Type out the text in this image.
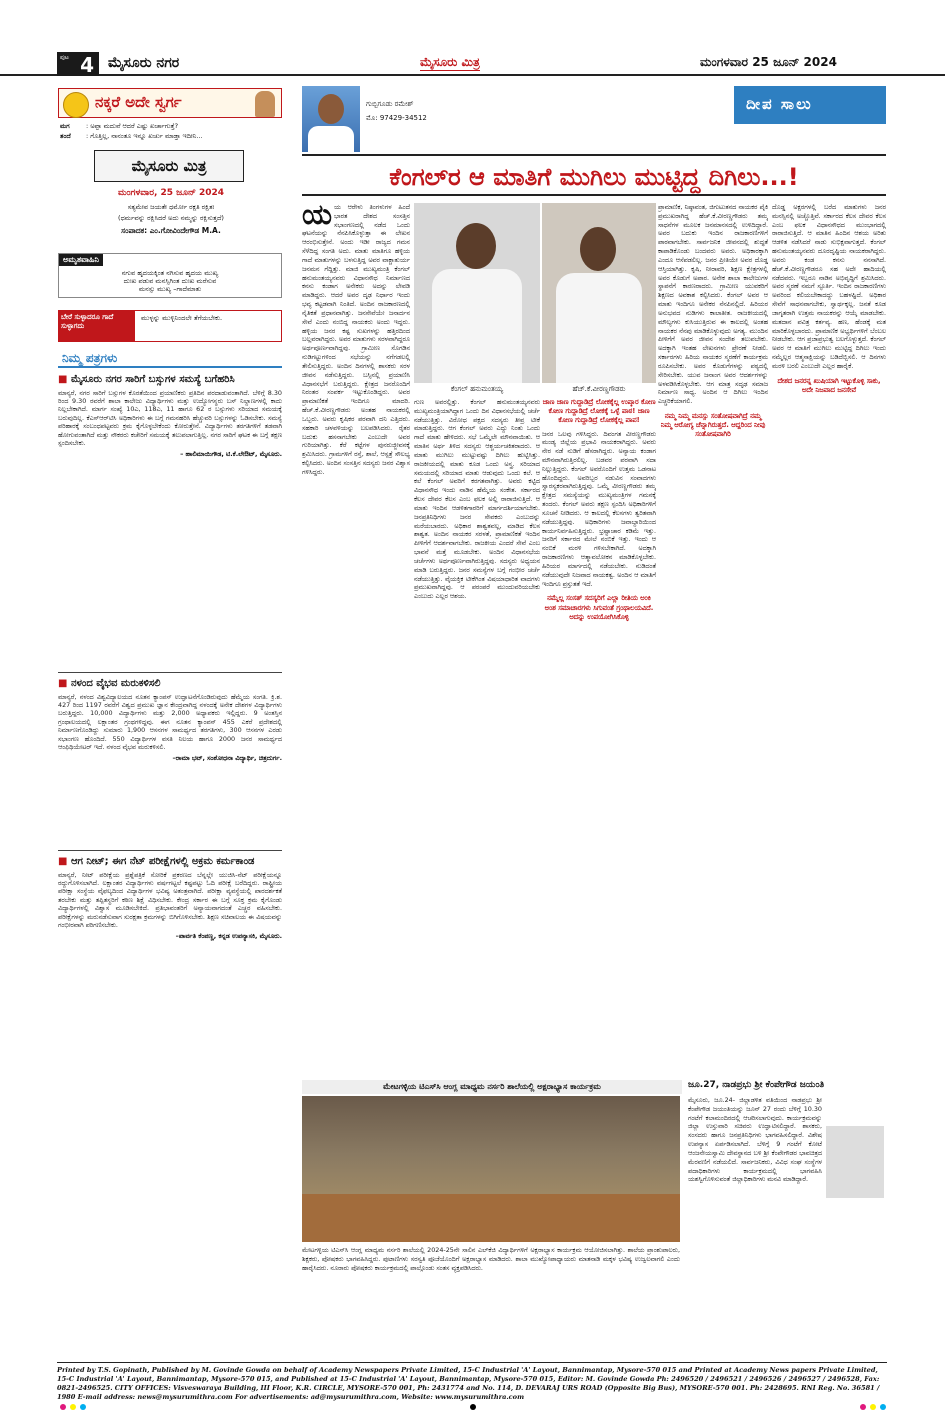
ಪುಟ 4 ಮೈಸೂರು ನಗರ	ಮೈಸೂರು ಮಿತ್ರ	ಮಂಗಳವಾರ 25 ಜೂನ್ 2024
ನಕ್ಕರೆ ಅದೇ ಸ್ವರ್ಗ
ಮಗ	: ಅಪ್ಪಾ ಮದುವೆ ಆದರೆ ಎಷ್ಟು ಖರ್ಚಾಗುತ್ತೆ?
ತಂದೆ	: ಗೊತ್ತಿಲ್ಲ, ನಾನಂತೂ ಇನ್ನೂ ಖರ್ಚು ಮಾಡ್ತಾ ಇದೀನಿ...
ಮೈಸೂರು ಮಿತ್ರ
ಮಂಗಳವಾರ, 25 ಜೂನ್ 2024
ಸತ್ಯಮೇವ ಜಯತೇ ಧರ್ಮೋ ರಕ್ಷತಿ ರಕ್ಷಿತಃ
(ಧರ್ಮವನ್ನು ರಕ್ಷಿಸಿದರೆ ಅದು ನಮ್ಮನ್ನು ರಕ್ಷಿಸುತ್ತದೆ)
ಸಂಪಾದಕ: ಎಂ.ಗೋವಿಂದೇಗೌಡ M.A.
ಅಮೃತವಾಹಿನಿ
ನಗುವ ಹೃದಯಕ್ಕಿಂತ ನಗಿಸುವ ಹೃದಯ ಮುಖ್ಯ
ದುಃಖ ಪಡುವ ಮನಸ್ಸಿಗಿಂತ ದುಃಖ ಮರೆಸುವ
ಮನಸ್ಸು ಮುಖ್ಯ –ಗಾದೆಮಾತು
ಬೇರೆ ಸುಳ್ಳಾದರೂ ಗಾದೆ ಸುಳ್ಳಾಗದು
ಮುಳ್ಳನ್ನು ಮುಳ್ಳಿನಿಂದಲೇ ತೆಗೆಯಬೇಕು.
ನಿಮ್ಮ ಪತ್ರಗಳು
■ ಮೈಸೂರು ನಗರ ಸಾರಿಗೆ ಬಸ್ಸುಗಳ ಸಮಸ್ಯೆ ಬಗೆಹರಿಸಿ
ಮಾನ್ಯರೆ, ನಗರ ಸಾರಿಗೆ ಬಸ್ಸುಗಳ ಕೊರತೆಯಿಂದ ಪ್ರಯಾಣಿಕರು ಪ್ರತಿದಿನ ಪರದಾಡುವಂತಾಗಿದೆ. ಬೆಳಿಗ್ಗೆ 8.30 ರಿಂದ 9.30 ರವರೆಗೆ ಶಾಲಾ ಕಾಲೇಜು ವಿದ್ಯಾರ್ಥಿಗಳು ಮತ್ತು ಉದ್ಯೋಗಸ್ಥರು ಬಸ್ ನಿಲ್ದಾಣಗಳಲ್ಲಿ ಕಾದು ನಿಲ್ಲಬೇಕಾಗಿದೆ. ಮಾರ್ಗ ಸಂಖ್ಯೆ 10ಎ, 118ಎ, 11 ಹಾಗೂ 62 ರ ಬಸ್ಸುಗಳು ಸರಿಯಾದ ಸಮಯಕ್ಕೆ ಬರುವುದಿಲ್ಲ. ಕೆಎಸ್ಆರ್‌ಟಿಸಿ ಅಧಿಕಾರಿಗಳು ಈ ಬಗ್ಗೆ ಗಮನಹರಿಸಿ ಹೆಚ್ಚುವರಿ ಬಸ್ಸುಗಳನ್ನು ಓಡಿಸಬೇಕು. ಸಮಸ್ಯೆ ಪರಿಹಾರಕ್ಕೆ ಸಂಬಂಧಪಟ್ಟವರು ಕ್ರಮ ಕೈಗೊಳ್ಳಬೇಕೆಂದು ಕೋರುತ್ತೇನೆ. ವಿದ್ಯಾರ್ಥಿಗಳು ತರಗತಿಗಳಿಗೆ ತಡವಾಗಿ ಹೋಗುವಂತಾಗಿದೆ ಮತ್ತು ನೌಕರರು ಕಚೇರಿಗೆ ಸಮಯಕ್ಕೆ ತಲುಪಲಾಗುತ್ತಿಲ್ಲ. ನಗರ ಸಾರಿಗೆ ಘಟಕ ಈ ಬಗ್ಗೆ ತಕ್ಷಣ ಸ್ಪಂದಿಸಬೇಕು.
– ಹಾಲಿಮಾಯಿಗೌಡ, ಟಿ.ಕೆ.ಲೇಔಟ್, ಮೈಸೂರು.
■ ನಳಂದ ವೈಭವ ಮರುಕಳಿಸಲಿ
ಮಾನ್ಯರೆ, ನಳಂದ ವಿಶ್ವವಿದ್ಯಾಲಯದ ನೂತನ ಕ್ಯಾಂಪಸ್ ಉದ್ಘಾಟನೆಗೊಂಡಿರುವುದು ಹೆಮ್ಮೆಯ ಸಂಗತಿ. ಕ್ರಿ.ಶ. 427 ರಿಂದ 1197 ರವರೆಗೆ ವಿಶ್ವದ ಪ್ರಮುಖ ಜ್ಞಾನ ಕೇಂದ್ರವಾಗಿದ್ದ ನಳಂದಕ್ಕೆ ಅನೇಕ ದೇಶಗಳ ವಿದ್ಯಾರ್ಥಿಗಳು ಬರುತ್ತಿದ್ದರು. 10,000 ವಿದ್ಯಾರ್ಥಿಗಳು ಮತ್ತು 2,000 ಅಧ್ಯಾಪಕರು ಇಲ್ಲಿದ್ದರು. 9 ಅಂತಸ್ತಿನ ಗ್ರಂಥಾಲಯದಲ್ಲಿ ಲಕ್ಷಾಂತರ ಗ್ರಂಥಗಳಿದ್ದವು. ಈಗ ನೂತನ ಕ್ಯಾಂಪಸ್ 455 ಎಕರೆ ಪ್ರದೇಶದಲ್ಲಿ ನಿರ್ಮಾಣಗೊಂಡಿದ್ದು ಸುಮಾರು 1,900 ಆಸನಗಳ ಸಾಮರ್ಥ್ಯದ ತರಗತಿಗಳು, 300 ಆಸನಗಳ ಎರಡು ಸಭಾಂಗಣ ಹೊಂದಿದೆ. 550 ವಿದ್ಯಾರ್ಥಿಗಳ ವಸತಿ ನಿಲಯ ಹಾಗೂ 2000 ಜನರ ಸಾಮರ್ಥ್ಯದ ಆಂಫಿಥಿಯೇಟರ್ ಇದೆ. ನಳಂದ ವೈಭವ ಮರುಕಳಿಸಲಿ.
–ರಾಮಾ ಭಟ್, ಸಂಶೋಧನಾ ವಿದ್ಯಾರ್ಥಿ, ಚಿತ್ರದುರ್ಗ.
■ ಆಗ ನೀಟ್; ಈಗ ನೆಟ್ ಪರೀಕ್ಷೆಗಳಲ್ಲಿ ಅಕ್ರಮ ಕರ್ಮಕಾಂಡ
ಮಾನ್ಯರೆ, ನೀಟ್ ಪರೀಕ್ಷೆಯ ಪ್ರಶ್ನೆಪತ್ರಿಕೆ ಸೋರಿಕೆ ಪ್ರಕರಣದ ಬೆನ್ನಲ್ಲೇ ಯುಜಿಸಿ-ನೆಟ್ ಪರೀಕ್ಷೆಯನ್ನೂ ರದ್ದುಗೊಳಿಸಲಾಗಿದೆ. ಲಕ್ಷಾಂತರ ವಿದ್ಯಾರ್ಥಿಗಳು ವರ್ಷಗಟ್ಟಲೆ ಕಷ್ಟಪಟ್ಟು ಓದಿ ಪರೀಕ್ಷೆ ಬರೆದಿದ್ದರು. ರಾಷ್ಟ್ರೀಯ ಪರೀಕ್ಷಾ ಸಂಸ್ಥೆಯ ವೈಫಲ್ಯದಿಂದ ವಿದ್ಯಾರ್ಥಿಗಳ ಭವಿಷ್ಯ ಅತಂತ್ರವಾಗಿದೆ. ಪರೀಕ್ಷಾ ವ್ಯವಸ್ಥೆಯಲ್ಲಿ ಪಾರದರ್ಶಕತೆ ತರಬೇಕು ಮತ್ತು ತಪ್ಪಿತಸ್ಥರಿಗೆ ಕಠಿಣ ಶಿಕ್ಷೆ ವಿಧಿಸಬೇಕು. ಕೇಂದ್ರ ಸರ್ಕಾರ ಈ ಬಗ್ಗೆ ಸೂಕ್ತ ಕ್ರಮ ಕೈಗೊಂಡು ವಿದ್ಯಾರ್ಥಿಗಳಲ್ಲಿ ವಿಶ್ವಾಸ ಮೂಡಿಸಬೇಕಿದೆ. ಪ್ರತಿಭಾವಂತರಿಗೆ ಅನ್ಯಾಯವಾಗದಂತೆ ಎಚ್ಚರ ವಹಿಸಬೇಕು. ಪರೀಕ್ಷೆಗಳನ್ನು ಮರುನಡೆಸುವಾಗ ಸುರಕ್ಷತಾ ಕ್ರಮಗಳನ್ನು ಬಿಗಿಗೊಳಿಸಬೇಕು. ಶಿಕ್ಷಣ ಸಚಿವಾಲಯ ಈ ವಿಷಯವನ್ನು ಗಂಭೀರವಾಗಿ ಪರಿಗಣಿಸಬೇಕು.
–ಪಾರ್ವತಿ ಕೆಂಪಣ್ಣ, ಕನ್ನಡ ಉಪನ್ಯಾಸಕಿ, ಮೈಸೂರು.
ಗುಬ್ಬಿಗೂಡು ರಮೇಶ್
ಮೊ: 97429-34512
ದೀಪ ಸಾಲು
ಕೆಂಗಲ್‌ರ ಆ ಮಾತಿಗೆ ಮುಗಿಲು ಮುಟ್ಟಿದ್ದ ದಿಗಿಲು...!
ಯಯ ಆರೇಳು ತಿಂಗಳುಗಳ ಹಿಂದೆ ಭಾರತ ದೇಶದ ಸಂಸತ್ತಿನ ಸಭಾಂಗಣದಲ್ಲಿ ನಡೆದ ಒಂದು ಘಟನೆಯನ್ನು ನೆನಪಿಸಿಕೊಳ್ಳುತ್ತಾ ಈ ಲೇಖನ ಆರಂಭಿಸುತ್ತೇನೆ. ಅಂದು ಇಡೀ ರಾಜ್ಯದ ಗಮನ ಸೆಳೆದಿದ್ದ ಸಂಗತಿ ಅದು. ಮಾತು ಮಾತಿಗೂ ಹಳ್ಳಿಯ ಗಾದೆ ಮಾತುಗಳನ್ನು ಬಳಸುತ್ತಿದ್ದ ಅವರ ವಾಕ್ಚಾತುರ್ಯ ಜನಮನ ಗೆದ್ದಿತ್ತು. ಮಾಜಿ ಮುಖ್ಯಮಂತ್ರಿ ಕೆಂಗಲ್ ಹನುಮಂತಯ್ಯನವರು ವಿಧಾನಸೌಧ ನಿರ್ಮಾಣದ ಕನಸು ಕಂಡಾಗ ಅನೇಕರು ಅದನ್ನು ಲೇವಡಿ ಮಾಡಿದ್ದರು. ಆದರೆ ಅವರ ದೃಢ ನಿರ್ಧಾರ ಇಂದು ಭವ್ಯ ಕಟ್ಟಡವಾಗಿ ನಿಂತಿದೆ. ಅಂದಿನ ರಾಜಕಾರಣದಲ್ಲಿ ನೈತಿಕತೆ ಪ್ರಧಾನವಾಗಿತ್ತು. ಜನಸೇವೆಯೇ ಜನಾರ್ದನ ಸೇವೆ ಎಂದು ನಂಬಿದ್ದ ನಾಯಕರು ಅಂದು ಇದ್ದರು. ಹಳ್ಳಿಯ ಜನರ ಕಷ್ಟ ಸುಖಗಳನ್ನು ಹತ್ತಿರದಿಂದ ಬಲ್ಲವರಾಗಿದ್ದರು. ಅವರ ಮಾತುಗಳು ಸರಳವಾಗಿದ್ದರೂ ಅರ್ಥಪೂರ್ಣವಾಗಿದ್ದವು. ಗ್ರಾಮೀಣ ಸೊಗಡಿನ ನುಡಿಗಟ್ಟುಗಳಿಂದ ಸಭೆಯನ್ನು ನಗೆಗಡಲಲ್ಲಿ ತೇಲಿಸುತ್ತಿದ್ದರು. ಅಂದಿನ ದಿನಗಳಲ್ಲಿ ಶಾಸಕರು ಸರಳ ಜೀವನ ನಡೆಸುತ್ತಿದ್ದರು. ಬಸ್ಸಿನಲ್ಲಿ ಪ್ರಯಾಣಿಸಿ ವಿಧಾನಸಭೆಗೆ ಬರುತ್ತಿದ್ದರು. ಕ್ಷೇತ್ರದ ಜನರೊಂದಿಗೆ ನಿರಂತರ ಸಂಪರ್ಕ ಇಟ್ಟುಕೊಂಡಿದ್ದರು. ಅವರ ಪ್ರಾಮಾಣಿಕತೆ ಇಂದಿಗೂ ಮಾದರಿ. ಹೆಚ್.ಕೆ.ವೀರಣ್ಣಗೌಡರು ಅಂತಹ ನಾಯಕರಲ್ಲಿ ಒಬ್ಬರು. ಅವರು ಕೃಷಿಕರ ಪರವಾಗಿ ದನಿ ಎತ್ತಿದರು. ಸಹಕಾರಿ ಚಳವಳಿಯನ್ನು ಬಲಪಡಿಸಿದರು. ರೈತರ ಬದುಕು ಹಸನಾಗಬೇಕು ಎಂಬುದೇ ಅವರ ಗುರಿಯಾಗಿತ್ತು. ಕೆರೆ ಕಟ್ಟೆಗಳ ಪುನರುಜ್ಜೀವನಕ್ಕೆ ಶ್ರಮಿಸಿದರು. ಗ್ರಾಮಗಳಿಗೆ ರಸ್ತೆ, ಶಾಲೆ, ಆಸ್ಪತ್ರೆ ಸೌಲಭ್ಯ ಕಲ್ಪಿಸಿದರು. ಅಂದಿನ ಸಂಸತ್ತಿನ ಸದಸ್ಯರು ಜನರ ವಿಶ್ವಾಸ ಗಳಿಸಿದ್ದರು.
ಕೆಂಗಲ್ ಹನುಮಂತಯ್ಯ	ಹೆಚ್.ಕೆ.ವೀರಣ್ಣಗೌಡರು
ಗುಣ ಅವರಲ್ಲಿತ್ತು. ಕೆಂಗಲ್ ಹನುಮಂತಯ್ಯನವರು ಮುಖ್ಯಮಂತ್ರಿಯಾಗಿದ್ದಾಗ ಒಂದು ದಿನ ವಿಧಾನಸಭೆಯಲ್ಲಿ ಚರ್ಚೆ ನಡೆಯುತ್ತಿತ್ತು. ವಿರೋಧ ಪಕ್ಷದ ಸದಸ್ಯರು ತೀವ್ರ ಟೀಕೆ ಮಾಡುತ್ತಿದ್ದರು. ಆಗ ಕೆಂಗಲ್ ಅವರು ಎದ್ದು ನಿಂತು ಒಂದು ಗಾದೆ ಮಾತು ಹೇಳಿದರು. ಸಭೆ ಒಮ್ಮೆಲೇ ಮೌನವಾಯಿತು. ಆ ಮಾತಿನ ಅರ್ಥ ತಿಳಿದ ಸದಸ್ಯರು ಆಶ್ಚರ್ಯಚಕಿತರಾದರು. ಆ ಮಾತು ಮುಗಿಲು ಮುಟ್ಟುವಷ್ಟು ದಿಗಿಲು ಹುಟ್ಟಿಸಿತ್ತು. ರಾಜಕೀಯದಲ್ಲಿ ಮಾತು ಕೂಡ ಒಂದು ಅಸ್ತ್ರ. ಸರಿಯಾದ ಸಮಯದಲ್ಲಿ ಸರಿಯಾದ ಮಾತು ಆಡುವುದು ಒಂದು ಕಲೆ. ಆ ಕಲೆ ಕೆಂಗಲ್ ಅವರಿಗೆ ಕರಗತವಾಗಿತ್ತು. ಅವರು ಕಟ್ಟಿದ ವಿಧಾನಸೌಧ ಇಂದು ನಾಡಿನ ಹೆಮ್ಮೆಯ ಸಂಕೇತ. ಸರ್ಕಾರದ ಕೆಲಸ ದೇವರ ಕೆಲಸ ಎಂಬ ಫಲಕ ಅಲ್ಲಿ ರಾರಾಜಿಸುತ್ತಿದೆ. ಆ ಮಾತು ಇಂದಿನ ಆಡಳಿತಗಾರರಿಗೆ ಮಾರ್ಗದರ್ಶಿಯಾಗಬೇಕು. ಜನಪ್ರತಿನಿಧಿಗಳು ಜನರ ಸೇವಕರು ಎಂಬುದನ್ನು ಮರೆಯಬಾರದು. ಅಧಿಕಾರ ಶಾಶ್ವತವಲ್ಲ, ಮಾಡಿದ ಕೆಲಸ ಶಾಶ್ವತ. ಅಂದಿನ ನಾಯಕರ ಸರಳತೆ, ಪ್ರಾಮಾಣಿಕತೆ ಇಂದಿನ ಪೀಳಿಗೆಗೆ ಆದರ್ಶವಾಗಬೇಕು. ರಾಜಕೀಯ ಎಂದರೆ ಸೇವೆ ಎಂಬ ಭಾವನೆ ಮತ್ತೆ ಮೂಡಬೇಕು. ಅಂದಿನ ವಿಧಾನಸಭೆಯ ಚರ್ಚೆಗಳು ಅರ್ಥಪೂರ್ಣವಾಗಿರುತ್ತಿದ್ದವು. ಸದಸ್ಯರು ಅಧ್ಯಯನ ಮಾಡಿ ಬರುತ್ತಿದ್ದರು. ಜನರ ಸಮಸ್ಯೆಗಳ ಬಗ್ಗೆ ಗಂಭೀರ ಚರ್ಚೆ ನಡೆಯುತ್ತಿತ್ತು. ವೈಯಕ್ತಿಕ ಟೀಕೆಗಿಂತ ವಿಷಯಾಧಾರಿತ ವಾದಗಳು ಪ್ರಮುಖವಾಗಿದ್ದವು. ಆ ಪರಂಪರೆ ಮುಂದುವರಿಯಬೇಕು ಎಂಬುದು ಎಲ್ಲರ ಆಶಯ.
ಜಾಣ ಜಾಣ ಗುದ್ದಾಡಿದ್ರೆ ಲೋಕಕ್ಕೆಲ್ಲ ಉಪ್ಕಾರ ಕೋಣ ಕೋಣ ಗುದ್ದಾಡಿದ್ರೆ ಲೋಕಕ್ಕೆ ಒಳ್ಳೆ ಪಾಠ! ಜಾಣ ಕೋಣ ಗುದ್ದಾಡಿದ್ರೆ ಲೋಕಕ್ಕೆಲ್ಲ ಪಾಪ!
ಜನರ ಒಲವು ಗಳಿಸಿದ್ದರು. ದಿವಂಗತ ವೀರಣ್ಣಗೌಡರು ಮಂಡ್ಯ ಜಿಲ್ಲೆಯ ಪ್ರಭಾವಿ ನಾಯಕರಾಗಿದ್ದರು. ಅವರು ನೇರ ನಡೆ ನುಡಿಗೆ ಹೆಸರಾಗಿದ್ದರು. ಅನ್ಯಾಯ ಕಂಡಾಗ ಮೌನವಾಗಿರುತ್ತಿರಲಿಲ್ಲ. ಬಡವರ ಪರವಾಗಿ ಸದಾ ನಿಲ್ಲುತ್ತಿದ್ದರು. ಕೆಂಗಲ್ ಅವರೊಂದಿಗೆ ಉತ್ತಮ ಒಡನಾಟ ಹೊಂದಿದ್ದರು. ಅವರಿಬ್ಬರ ನಡುವಿನ ಸಂವಾದಗಳು ಸ್ವಾರಸ್ಯಕರವಾಗಿರುತ್ತಿದ್ದವು. ಒಮ್ಮೆ ವೀರಣ್ಣಗೌಡರು ತಮ್ಮ ಕ್ಷೇತ್ರದ ಸಮಸ್ಯೆಯನ್ನು ಮುಖ್ಯಮಂತ್ರಿಗಳ ಗಮನಕ್ಕೆ ತಂದರು. ಕೆಂಗಲ್ ಅವರು ತಕ್ಷಣ ಸ್ಪಂದಿಸಿ ಅಧಿಕಾರಿಗಳಿಗೆ ಸೂಚನೆ ನೀಡಿದರು. ಆ ಕಾಲದಲ್ಲಿ ಕೆಲಸಗಳು ತ್ವರಿತವಾಗಿ ನಡೆಯುತ್ತಿದ್ದವು. ಅಧಿಕಾರಿಗಳು ಜವಾಬ್ದಾರಿಯಿಂದ ಕಾರ್ಯನಿರ್ವಹಿಸುತ್ತಿದ್ದರು. ಭ್ರಷ್ಟಾಚಾರ ಕಡಿಮೆ ಇತ್ತು. ಜನರಿಗೆ ಸರ್ಕಾರದ ಮೇಲೆ ನಂಬಿಕೆ ಇತ್ತು. ಇಂದು ಆ ನಂಬಿಕೆ ಮರಳಿ ಗಳಿಸಬೇಕಾಗಿದೆ. ಅದಕ್ಕಾಗಿ ರಾಜಕಾರಣಿಗಳು ಆತ್ಮಾವಲೋಕನ ಮಾಡಿಕೊಳ್ಳಬೇಕು. ಹಿರಿಯರ ಮಾರ್ಗದಲ್ಲಿ ನಡೆಯಬೇಕು. ನುಡಿದಂತೆ ನಡೆಯುವುದೇ ನಿಜವಾದ ನಾಯಕತ್ವ. ಅಂದಿನ ಆ ಮಾತಿಗೆ ಇಂದಿಗೂ ಪ್ರಸ್ತುತತೆ ಇದೆ.
ನಮ್ಮೆಲ್ಲ ಸಂಸತ್ ಸದಸ್ಯರಿಗೆ ಎಲ್ಲಾ ರೀತಿಯ ಅಂಕಿ ಅಂಶ ಸಮಾಚಾರಗಳು ಸಿಗುವಂತೆ ಗ್ರಂಥಾಲಯವಿದೆ. ಅದನ್ನು ಉಪಯೋಗಿಸಿಕೊಳ್ಳಿ
ಪ್ರಾಮಾಣಿಕ, ನಿಷ್ಠಾವಂತ, ಜಿಗುಟುತನದ ನಾಯಕರ ಪೈಕಿ ಪ್ರಮುಖರಾಗಿದ್ದ ಹೆಚ್.ಕೆ.ವೀರಣ್ಣಗೌಡರು ತಮ್ಮ ಸಾಧನೆಗಳ ಮೂಲಕ ಜನಮಾನಸದಲ್ಲಿ ಉಳಿದಿದ್ದಾರೆ. ಅವರ ಬದುಕು ಇಂದಿನ ರಾಜಕಾರಣಿಗಳಿಗೆ ಪಾಠವಾಗಬೇಕು. ಸಾರ್ವಜನಿಕ ಜೀವನದಲ್ಲಿ ಶುದ್ಧತೆ ಕಾಪಾಡಿಕೊಂಡು ಬಂದವರು ಅವರು. ಅಧಿಕಾರಕ್ಕಾಗಿ ಎಂದೂ ಆಸೆಪಡಲಿಲ್ಲ. ಜನರ ಪ್ರೀತಿಯೇ ಅವರ ದೊಡ್ಡ ಆಸ್ತಿಯಾಗಿತ್ತು. ಕೃಷಿ, ನೀರಾವರಿ, ಶಿಕ್ಷಣ ಕ್ಷೇತ್ರಗಳಲ್ಲಿ ಅವರ ಕೊಡುಗೆ ಅಪಾರ. ಅನೇಕ ಶಾಲಾ ಕಾಲೇಜುಗಳ ಸ್ಥಾಪನೆಗೆ ಕಾರಣರಾದರು. ಗ್ರಾಮೀಣ ಯುವಕರಿಗೆ ಶಿಕ್ಷಣದ ಅವಕಾಶ ಕಲ್ಪಿಸಿದರು. ಕೆಂಗಲ್ ಅವರ ಆ ಮಾತು ಇಂದಿಗೂ ಅನೇಕರ ನೆನಪಿನಲ್ಲಿದೆ. ಹಿರಿಯರ ಅನುಭವದ ನುಡಿಗಳು ಕಾಲಾತೀತ. ರಾಜಕೀಯದಲ್ಲಿ ಮೌಲ್ಯಗಳು ಕುಸಿಯುತ್ತಿರುವ ಈ ಕಾಲದಲ್ಲಿ ಅಂತಹ ನಾಯಕರ ನೆನಪು ಮಾಡಿಕೊಳ್ಳುವುದು ಅಗತ್ಯ. ಮುಂದಿನ ಪೀಳಿಗೆಗೆ ಅವರ ಜೀವನ ಸಂದೇಶ ತಲುಪಬೇಕು. ಅದಕ್ಕಾಗಿ ಇಂತಹ ಲೇಖನಗಳು ಪ್ರೇರಣೆ ನೀಡಲಿ. ಸರ್ಕಾರಗಳು ಹಿರಿಯ ನಾಯಕರ ಸ್ಮರಣೆಗೆ ಕಾರ್ಯಕ್ರಮ ರೂಪಿಸಬೇಕು. ಅವರ ಕೊಡುಗೆಗಳನ್ನು ಪಠ್ಯದಲ್ಲಿ ಸೇರಿಸಬೇಕು. ಯುವ ಜನಾಂಗ ಅವರ ಆದರ್ಶಗಳನ್ನು ಅಳವಡಿಸಿಕೊಳ್ಳಬೇಕು. ಆಗ ಮಾತ್ರ ಸದೃಢ ಸಮಾಜ ನಿರ್ಮಾಣ ಸಾಧ್ಯ. ಅಂದಿನ ಆ ದಿಗಿಲು ಇಂದಿನ ಎಚ್ಚರಿಕೆಯಾಗಲಿ.
ನಮ್ಮ ನಿಮ್ಮ ಮನಸ್ಸು ಸಂತೋಷವಾಗಿದ್ರೆ ನಮ್ಮ ನಿಮ್ಮ ಆರೋಗ್ಯ ಚೆನ್ನಾಗಿರುತ್ತದೆ. ಆದ್ದರಿಂದ ನೀವು ಸಂತೋಷವಾಗಿರಿ
ದೊಡ್ಡ ಅಕ್ಷರಗಳಲ್ಲಿ ಬರೆದ ಮಾತುಗಳು ಜನರ ಮನಸ್ಸಿನಲ್ಲಿ ಅಚ್ಚೊತ್ತಿವೆ. ಸರ್ಕಾರದ ಕೆಲಸ ದೇವರ ಕೆಲಸ ಎಂಬ ಫಲಕ ವಿಧಾನಸೌಧದ ಮುಂಭಾಗದಲ್ಲಿ ರಾರಾಜಿಸುತ್ತಿದೆ. ಆ ಮಾತಿನ ಹಿಂದಿನ ಆಶಯ ಅರಿತು ಆಡಳಿತ ನಡೆಸಿದರೆ ನಾಡು ಸುಭಿಕ್ಷವಾಗುತ್ತದೆ. ಕೆಂಗಲ್ ಹನುಮಂತಯ್ಯನವರು ದೂರದೃಷ್ಟಿಯ ನಾಯಕರಾಗಿದ್ದರು. ಅವರು ಕಂಡ ಕನಸು ನನಸಾಗಿದೆ. ಹೆಚ್.ಕೆ.ವೀರಣ್ಣಗೌಡರೂ ಸಹ ಅದೇ ಹಾದಿಯಲ್ಲಿ ನಡೆದವರು. ಇಬ್ಬರೂ ನಾಡಿನ ಅಭಿವೃದ್ಧಿಗೆ ಶ್ರಮಿಸಿದರು. ಅವರ ಸ್ಮರಣೆ ನಮಗೆ ಸ್ಫೂರ್ತಿ. ಇಂದಿನ ರಾಜಕಾರಣಿಗಳು ಅವರಿಂದ ಕಲಿಯಬೇಕಾದದ್ದು ಬಹಳಷ್ಟಿದೆ. ಅಧಿಕಾರ ಸೇವೆಗೆ ಸಾಧನವಾಗಬೇಕು, ಸ್ವಾರ್ಥಕ್ಕಲ್ಲ. ಜನತೆ ಕೂಡ ಜಾಗೃತರಾಗಿ ಉತ್ತಮ ನಾಯಕರನ್ನು ಆಯ್ಕೆ ಮಾಡಬೇಕು. ಮತದಾನ ಪವಿತ್ರ ಕರ್ತವ್ಯ. ಹಣ, ಹೆಂಡಕ್ಕೆ ಮತ ಮಾರಿಕೊಳ್ಳಬಾರದು. ಪ್ರಾಮಾಣಿಕ ಅಭ್ಯರ್ಥಿಗಳಿಗೆ ಬೆಂಬಲ ನೀಡಬೇಕು. ಆಗ ಪ್ರಜಾಪ್ರಭುತ್ವ ಬಲಗೊಳ್ಳುತ್ತದೆ. ಕೆಂಗಲ್ ಅವರ ಆ ಮಾತಿಗೆ ಮುಗಿಲು ಮುಟ್ಟಿದ್ದ ದಿಗಿಲು ಇಂದು ನಮ್ಮೆಲ್ಲರ ಆತ್ಮಸಾಕ್ಷಿಯನ್ನು ಬಡಿದೆಬ್ಬಿಸಲಿ. ಆ ದಿನಗಳು ಮರಳಿ ಬರಲಿ ಎಂಬುದೇ ಎಲ್ಲರ ಹಾರೈಕೆ.
ದೇಶದ ಜನರನ್ನ ಖುಷಿಯಾಗಿ ಇಟ್ಟುಕೊಳ್ಳಿ ಸಾಕು, ಅದೇ ನಿಜವಾದ ಜನಸೇವೆ
ಮೇಟಗಳ್ಳಿಯ ಟಿಎಸ್‌ಸಿ ಆಂಗ್ಲ ಮಾಧ್ಯಮ ನರ್ಸರಿ ಶಾಲೆಯಲ್ಲಿ ಅಕ್ಷರಾಭ್ಯಾಸ ಕಾರ್ಯಕ್ರಮ
ಮೇಟಗಳ್ಳಿಯ ಟಿಎಸ್‌ಸಿ ಆಂಗ್ಲ ಮಾಧ್ಯಮ ನರ್ಸರಿ ಶಾಲೆಯಲ್ಲಿ 2024-25ನೇ ಸಾಲಿನ ಎಲ್‌ಕೆಜಿ ವಿದ್ಯಾರ್ಥಿಗಳಿಗೆ ಅಕ್ಷರಾಭ್ಯಾಸ ಕಾರ್ಯಕ್ರಮ ಆಯೋಜಿಸಲಾಗಿತ್ತು. ಶಾಲೆಯ ಪ್ರಾಂಶುಪಾಲರು, ಶಿಕ್ಷಕರು, ಪೋಷಕರು ಭಾಗವಹಿಸಿದ್ದರು. ಪುಟಾಣಿಗಳು ಸರಸ್ವತಿ ಪೂಜೆಯೊಂದಿಗೆ ಅಕ್ಷರಾಭ್ಯಾಸ ಮಾಡಿದರು. ಶಾಲಾ ಮುಖ್ಯೋಪಾಧ್ಯಾಯರು ಮಾತನಾಡಿ ಮಕ್ಕಳ ಭವಿಷ್ಯ ಉಜ್ವಲವಾಗಲಿ ಎಂದು ಹಾರೈಸಿದರು. ನೂರಾರು ಪೋಷಕರು ಕಾರ್ಯಕ್ರಮದಲ್ಲಿ ಪಾಲ್ಗೊಂಡು ಸಂತಸ ವ್ಯಕ್ತಪಡಿಸಿದರು.
ಜೂ.27, ನಾಡಪ್ರಭು ಶ್ರೀ ಕೆಂಪೇಗೌಡ ಜಯಂತಿ
ಮೈಸೂರು, ಜೂ.24- ಜಿಲ್ಲಾಡಳಿತ ವತಿಯಿಂದ ನಾಡಪ್ರಭು ಶ್ರೀ ಕೆಂಪೇಗೌಡ ಜಯಂತಿಯನ್ನು ಜೂನ್ 27 ರಂದು ಬೆಳಿಗ್ಗೆ 10.30 ಗಂಟೆಗೆ ಕಲಾಮಂದಿರದಲ್ಲಿ ಆಚರಿಸಲಾಗುವುದು. ಕಾರ್ಯಕ್ರಮವನ್ನು ಜಿಲ್ಲಾ ಉಸ್ತುವಾರಿ ಸಚಿವರು ಉದ್ಘಾಟಿಸಲಿದ್ದಾರೆ. ಶಾಸಕರು, ಸಂಸದರು ಹಾಗೂ ಜನಪ್ರತಿನಿಧಿಗಳು ಭಾಗವಹಿಸಲಿದ್ದಾರೆ. ವಿಶೇಷ ಉಪನ್ಯಾಸ ಏರ್ಪಡಿಸಲಾಗಿದೆ. ಬೆಳಿಗ್ಗೆ 9 ಗಂಟೆಗೆ ಕೋಟೆ ಆಂಜನೇಯಸ್ವಾಮಿ ದೇವಸ್ಥಾನದ ಬಳಿ ಶ್ರೀ ಕೆಂಪೇಗೌಡರ ಭಾವಚಿತ್ರದ ಮೆರವಣಿಗೆ ನಡೆಯಲಿದೆ. ಸಾರ್ವಜನಿಕರು, ವಿವಿಧ ಸಂಘ ಸಂಸ್ಥೆಗಳ ಪದಾಧಿಕಾರಿಗಳು ಕಾರ್ಯಕ್ರಮದಲ್ಲಿ ಭಾಗವಹಿಸಿ ಯಶಸ್ವಿಗೊಳಿಸುವಂತೆ ಜಿಲ್ಲಾಧಿಕಾರಿಗಳು ಮನವಿ ಮಾಡಿದ್ದಾರೆ.
Printed by T.S. Gopinath, Published by M. Govinde Gowda on behalf of Academy Newspapers Private Limited, 15-C Industrial 'A' Layout, Bannimantap, Mysore-570 015 and Printed at Academy News papers Private Limited, 15-C Industrial 'A' Layout, Bannimantap, Mysore-570 015, and Published at 15-C Industrial 'A' Layout, Bannimantap, Mysore-570 015, Editor: M. Govinde Gowda Ph: 2496520 / 2496521 / 2496526 / 2496527 / 2496528, Fax: 0821-2496525. CITY OFFICES: Visveswaraya Building, III Floor, K.R. CIRCLE, MYSORE-570 001, Ph: 2431774 and No. 114, D. DEVARAJ URS ROAD (Opposite Big Bus), MYSORE-570 001. Ph: 2428695. RNI Reg. No. 36581 / 1980 E-mail address: news@mysurumithra.com For advertisements: ad@mysurumithra.com, Website: www.mysurumithra.com
